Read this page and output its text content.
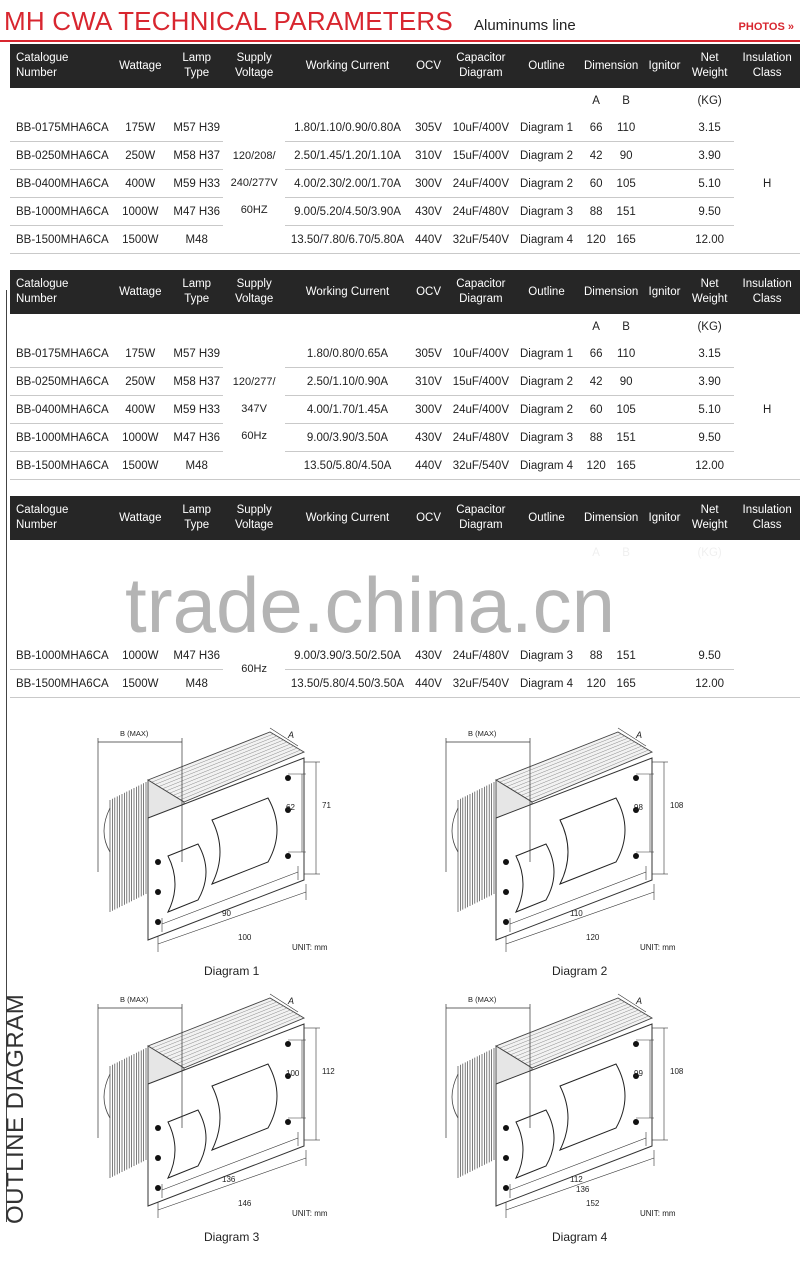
MH CWA TECHNICAL PARAMETERS Aluminums line	PHOTOS »
Catalogue Number	Wattage	Lamp Type	Supply Voltage	Working Current	OCV	Capacitor Diagram	Outline	Dimension	Ignitor	Net Weight	Insulation Class
								A B		(KG)	
BB-0175MHA6CA	175W	M57 H39	120/208/
240/277V
60HZ	1.80/1.10/0.90/0.80A	305V	10uF/400V	Diagram 1	66 110		3.15	H
BB-0250MHA6CA	250W	M58 H37		2.50/1.45/1.20/1.10A	310V	15uF/400V	Diagram 2	42 90		3.90	
BB-0400MHA6CA	400W	M59 H33		4.00/2.30/2.00/1.70A	300V	24uF/400V	Diagram 2	60 105		5.10	
BB-1000MHA6CA	1000W	M47 H36		9.00/5.20/4.50/3.90A	430V	24uF/480V	Diagram 3	88 151		9.50	
BB-1500MHA6CA	1500W	M48		13.50/7.80/6.70/5.80A	440V	32uF/540V	Diagram 4	120 165		12.00	
Catalogue Number	Wattage	Lamp Type	Supply Voltage	Working Current	OCV	Capacitor Diagram	Outline	Dimension	Ignitor	Net Weight	Insulation Class
								A B		(KG)	
BB-0175MHA6CA	175W	M57 H39	120/277/
347V
60Hz	1.80/0.80/0.65A	305V	10uF/400V	Diagram 1	66 110		3.15	H
BB-0250MHA6CA	250W	M58 H37		2.50/1.10/0.90A	310V	15uF/400V	Diagram 2	42 90		3.90	
BB-0400MHA6CA	400W	M59 H33		4.00/1.70/1.45A	300V	24uF/400V	Diagram 2	60 105		5.10	
BB-1000MHA6CA	1000W	M47 H36		9.00/3.90/3.50A	430V	24uF/480V	Diagram 3	88 151		9.50	
BB-1500MHA6CA	1500W	M48		13.50/5.80/4.50A	440V	32uF/540V	Diagram 4	120 165		12.00	
Catalogue Number	Wattage	Lamp Type	Supply Voltage	Working Current	OCV	Capacitor Diagram	Outline	Dimension	Ignitor	Net Weight	Insulation Class

BB-1000MHA6CA	1000W	M47 H36	60Hz	9.00/3.90/3.50/2.50A	430V	24uF/480V	Diagram 3	88 151		9.50	
BB-1500MHA6CA	1500W	M48		13.50/5.80/4.50/3.50A	440V	32uF/540V	Diagram 4	120 165		12.00	
trade.china.cn
OUTLINE DIAGRAM
B (MAX)	A
62	71
90
100
UNIT: mm
Diagram 1
B (MAX)	A
98	108
110
120
UNIT: mm
Diagram 2
B (MAX)	A
100	112
136
146
UNIT: mm
Diagram 3
B (MAX)	A
99	108
112
136
152
UNIT: mm
Diagram 4
